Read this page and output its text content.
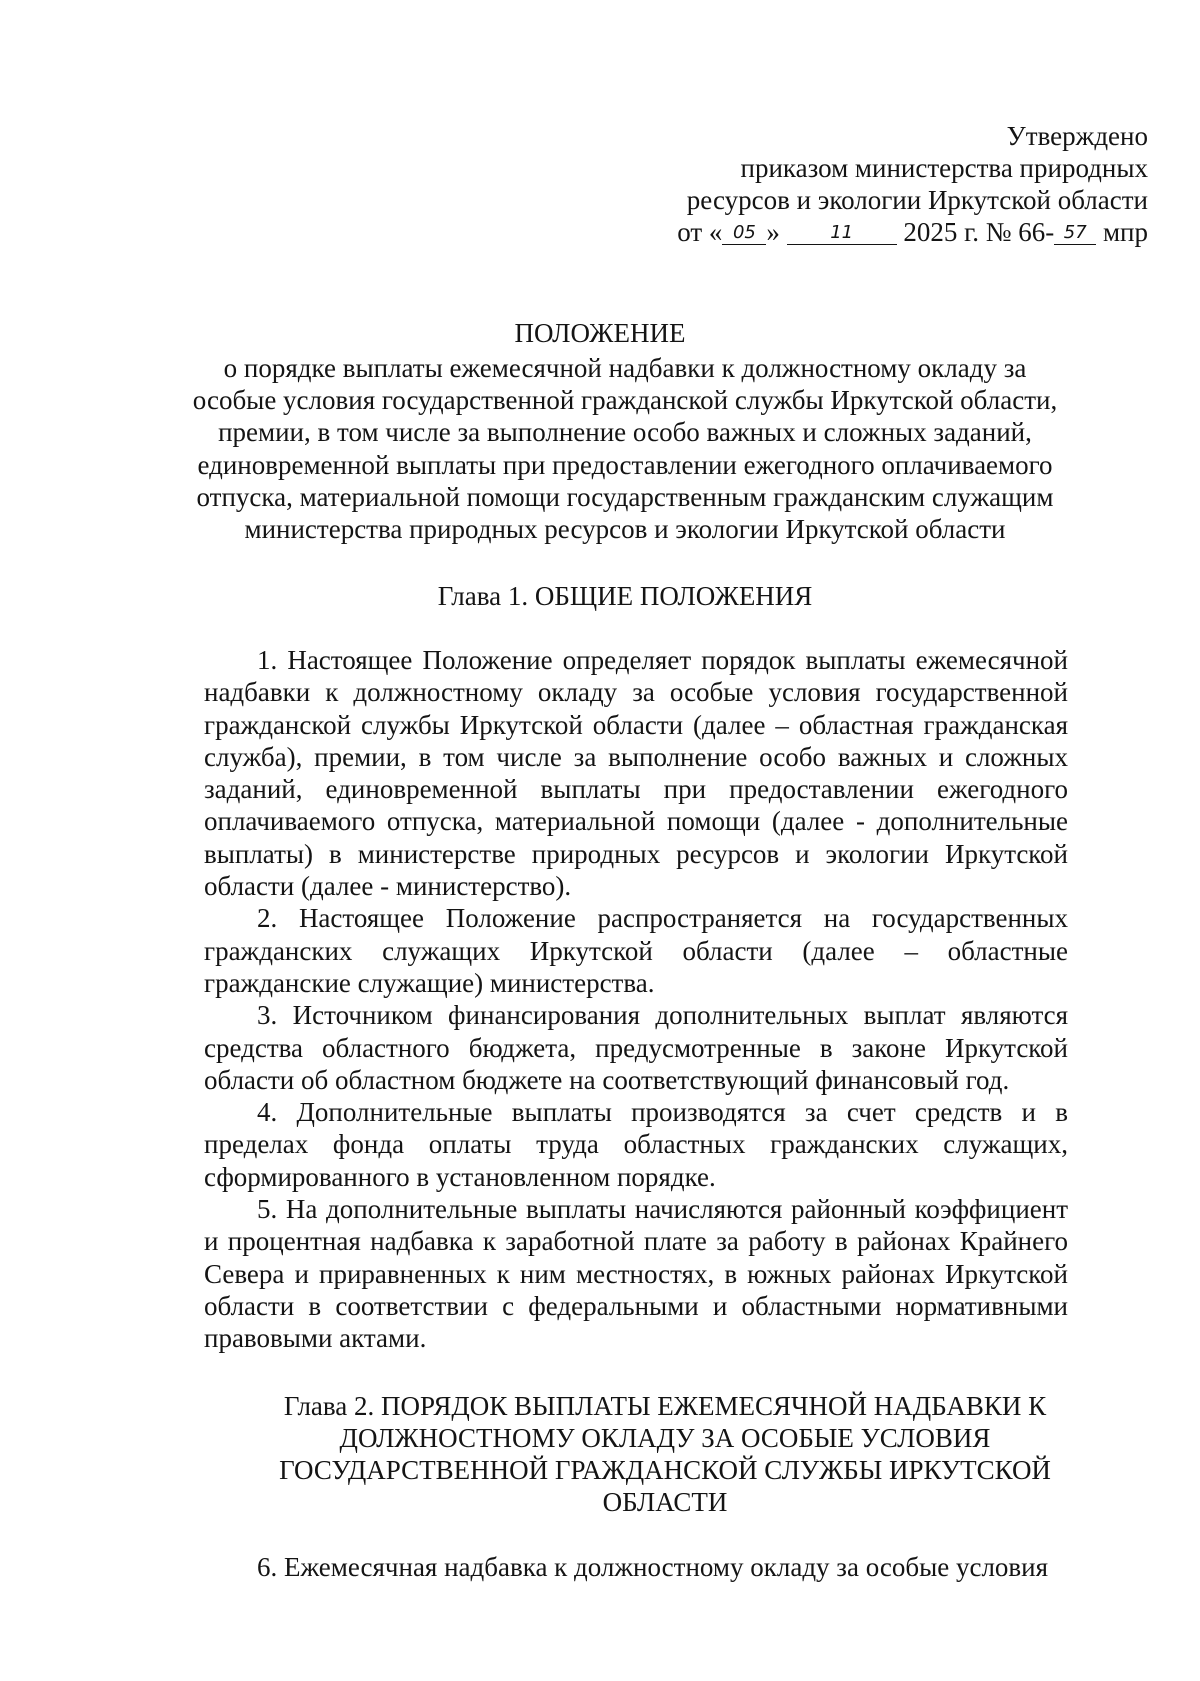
Утверждено
приказом министерства природных
ресурсов и экологии Иркутской области
от « 05 » 11 2025 г. № 66- 57 мпр
ПОЛОЖЕНИЕ
о порядке выплаты ежемесячной надбавки к должностному окладу за особые условия государственной гражданской службы Иркутской области, премии, в том числе за выполнение особо важных и сложных заданий, единовременной выплаты при предоставлении ежегодного оплачиваемого отпуска, материальной помощи государственным гражданским служащим министерства природных ресурсов и экологии Иркутской области
Глава 1. ОБЩИЕ ПОЛОЖЕНИЯ

1. Настоящее Положение определяет порядок выплаты ежемесячной надбавки к должностному окладу за особые условия государственной гражданской службы Иркутской области (далее – областная гражданская служба), премии, в том числе за выполнение особо важных и сложных заданий, единовременной выплаты при предоставлении ежегодного оплачиваемого отпуска, материальной помощи (далее - дополнительные выплаты) в министерстве природных ресурсов и экологии Иркутской области (далее - министерство).

2. Настоящее Положение распространяется на государственных гражданских служащих Иркутской области (далее – областные гражданские служащие) министерства.

3. Источником финансирования дополнительных выплат являются средства областного бюджета, предусмотренные в законе Иркутской области об областном бюджете на соответствующий финансовый год.

4. Дополнительные выплаты производятся за счет средств и в пределах фонда оплаты труда областных гражданских служащих, сформированного в установленном порядке.

5. На дополнительные выплаты начисляются районный коэффициент и процентная надбавка к заработной плате за работу в районах Крайнего Севера и приравненных к ним местностях, в южных районах Иркутской области в соответствии с федеральными и областными нормативными правовыми актами.

Глава 2. ПОРЯДОК ВЫПЛАТЫ ЕЖЕМЕСЯЧНОЙ НАДБАВКИ К ДОЛЖНОСТНОМУ ОКЛАДУ ЗА ОСОБЫЕ УСЛОВИЯ ГОСУДАРСТВЕННОЙ ГРАЖДАНСКОЙ СЛУЖБЫ ИРКУТСКОЙ ОБЛАСТИ

6. Ежемесячная надбавка к должностному окладу за особые условия
